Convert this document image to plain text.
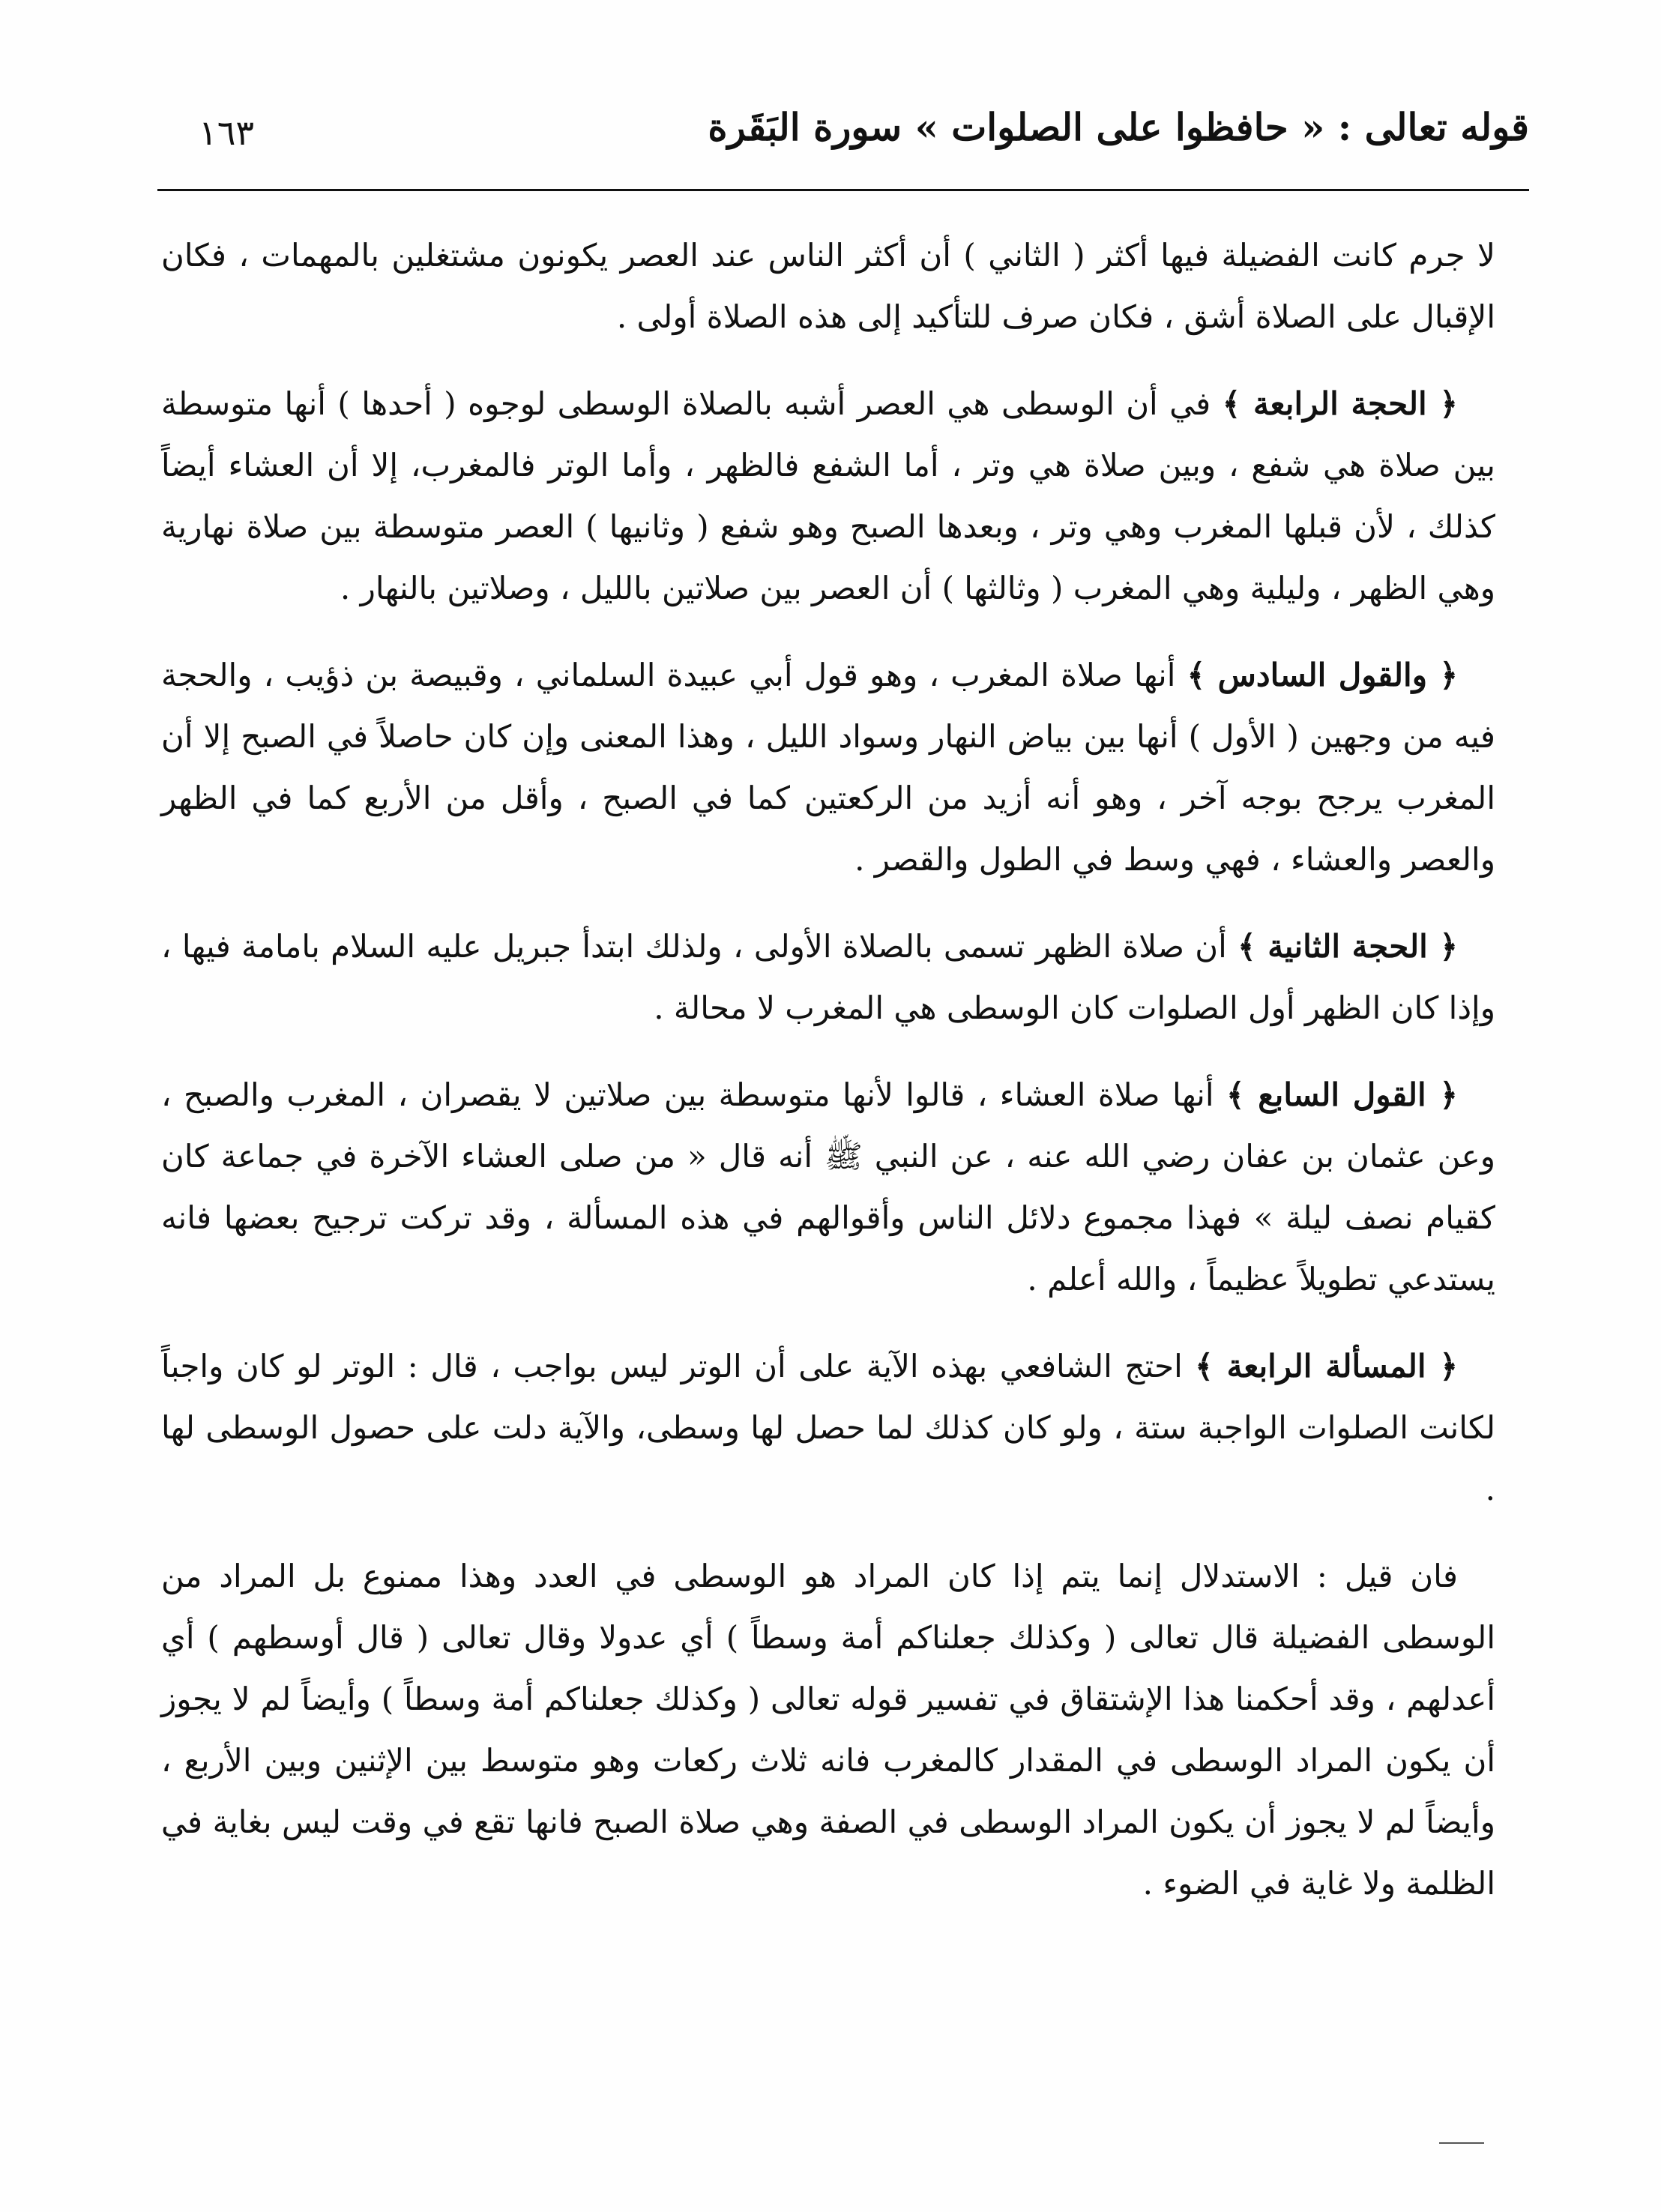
قوله تعالى : « حافظوا على الصلوات » سورة البَقَرة
١٦٣

لا جرم كانت الفضيلة فيها أكثر ( الثاني ) أن أكثر الناس عند العصر يكونون مشتغلين بالمهمات ، فكان الإقبال على الصلاة أشق ، فكان صرف للتأكيد إلى هذه الصلاة أولى .

﴿ الحجة الرابعة ﴾ في أن الوسطى هي العصر أشبه بالصلاة الوسطى لوجوه ( أحدها ) أنها متوسطة بين صلاة هي شفع ، وبين صلاة هي وتر ، أما الشفع فالظهر ، وأما الوتر فالمغرب، إلا أن العشاء أيضاً كذلك ، لأن قبلها المغرب وهي وتر ، وبعدها الصبح وهو شفع ( وثانيها ) العصر متوسطة بين صلاة نهارية وهي الظهر ، وليلية وهي المغرب ( وثالثها ) أن العصر بين صلاتين بالليل ، وصلاتين بالنهار .

﴿ والقول السادس ﴾ أنها صلاة المغرب ، وهو قول أبي عبيدة السلماني ، وقبيصة بن ذؤيب ، والحجة فيه من وجهين ( الأول ) أنها بين بياض النهار وسواد الليل ، وهذا المعنى وإن كان حاصلاً في الصبح إلا أن المغرب يرجح بوجه آخر ، وهو أنه أزيد من الركعتين كما في الصبح ، وأقل من الأربع كما في الظهر والعصر والعشاء ، فهي وسط في الطول والقصر .

﴿ الحجة الثانية ﴾ أن صلاة الظهر تسمى بالصلاة الأولى ، ولذلك ابتدأ جبريل عليه السلام بامامة فيها ، وإذا كان الظهر أول الصلوات كان الوسطى هي المغرب لا محالة .

﴿ القول السابع ﴾ أنها صلاة العشاء ، قالوا لأنها متوسطة بين صلاتين لا يقصران ، المغرب والصبح ، وعن عثمان بن عفان رضي الله عنه ، عن النبي ﷺ أنه قال « من صلى العشاء الآخرة في جماعة كان كقيام نصف ليلة » فهذا مجموع دلائل الناس وأقوالهم في هذه المسألة ، وقد تركت ترجيح بعضها فانه يستدعي تطويلاً عظيماً ، والله أعلم .

﴿ المسألة الرابعة ﴾ احتج الشافعي بهذه الآية على أن الوتر ليس بواجب ، قال : الوتر لو كان واجباً لكانت الصلوات الواجبة ستة ، ولو كان كذلك لما حصل لها وسطى، والآية دلت على حصول الوسطى لها .

فان قيل : الاستدلال إنما يتم إذا كان المراد هو الوسطى في العدد وهذا ممنوع بل المراد من الوسطى الفضيلة قال تعالى ( وكذلك جعلناكم أمة وسطاً ) أي عدولا وقال تعالى ( قال أوسطهم ) أي أعدلهم ، وقد أحكمنا هذا الإشتقاق في تفسير قوله تعالى ( وكذلك جعلناكم أمة وسطاً ) وأيضاً لم لا يجوز أن يكون المراد الوسطى في المقدار كالمغرب فانه ثلاث ركعات وهو متوسط بين الإثنين وبين الأربع ، وأيضاً لم لا يجوز أن يكون المراد الوسطى في الصفة وهي صلاة الصبح فانها تقع في وقت ليس بغاية في الظلمة ولا غاية في الضوء .
